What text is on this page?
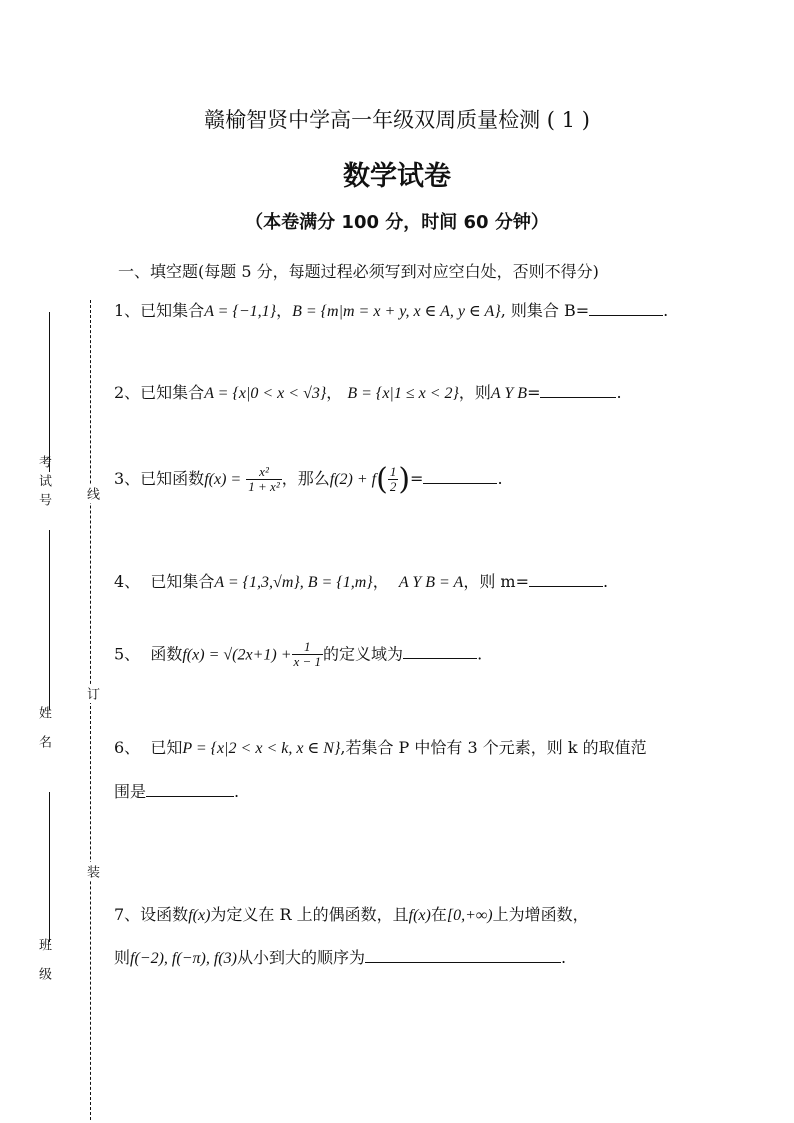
赣榆智贤中学高一年级双周质量检测 ( 1 )
数学试卷
（本卷满分 100 分，时间 60 分钟）
考试号
姓 名
班 级
线
订
装
一、填空题(每题 5 分，每题过程必须写到对应空白处，否则不得分)
1、已知集合A = {−1,1}，B = {m|m = x + y, x ∈ A, y ∈ A}, 则集合 B=	.
2、已知集合A = {x|0 < x < √3}， B = {x|1 ≤ x < 2}，则A Y B=	.
3、已知函数$f(x) = \frac{\text{x²}}{\text{1 + x²}}$ ，那么$f(2) + f( \frac{1}{2}$ )=	.
4、  已知集合A = {1,3,√m}, B = {1,m}， A Y B = A，则 m=	.
5、  函数$f(x) = √(2x+1) + \frac{1}{x - 1}$ 的定义域为	.
6、  已知P = {x|2 < x < k, x ∈ N},若集合 P 中恰有 3 个元素，则 k 的取值范
围是	.
7、设函数f(x)为定义在 R 上的偶函数，且f(x)在[0,+∞)上为增函数，
则f(−2), f(−π), f(3)从小到大的顺序为	.
